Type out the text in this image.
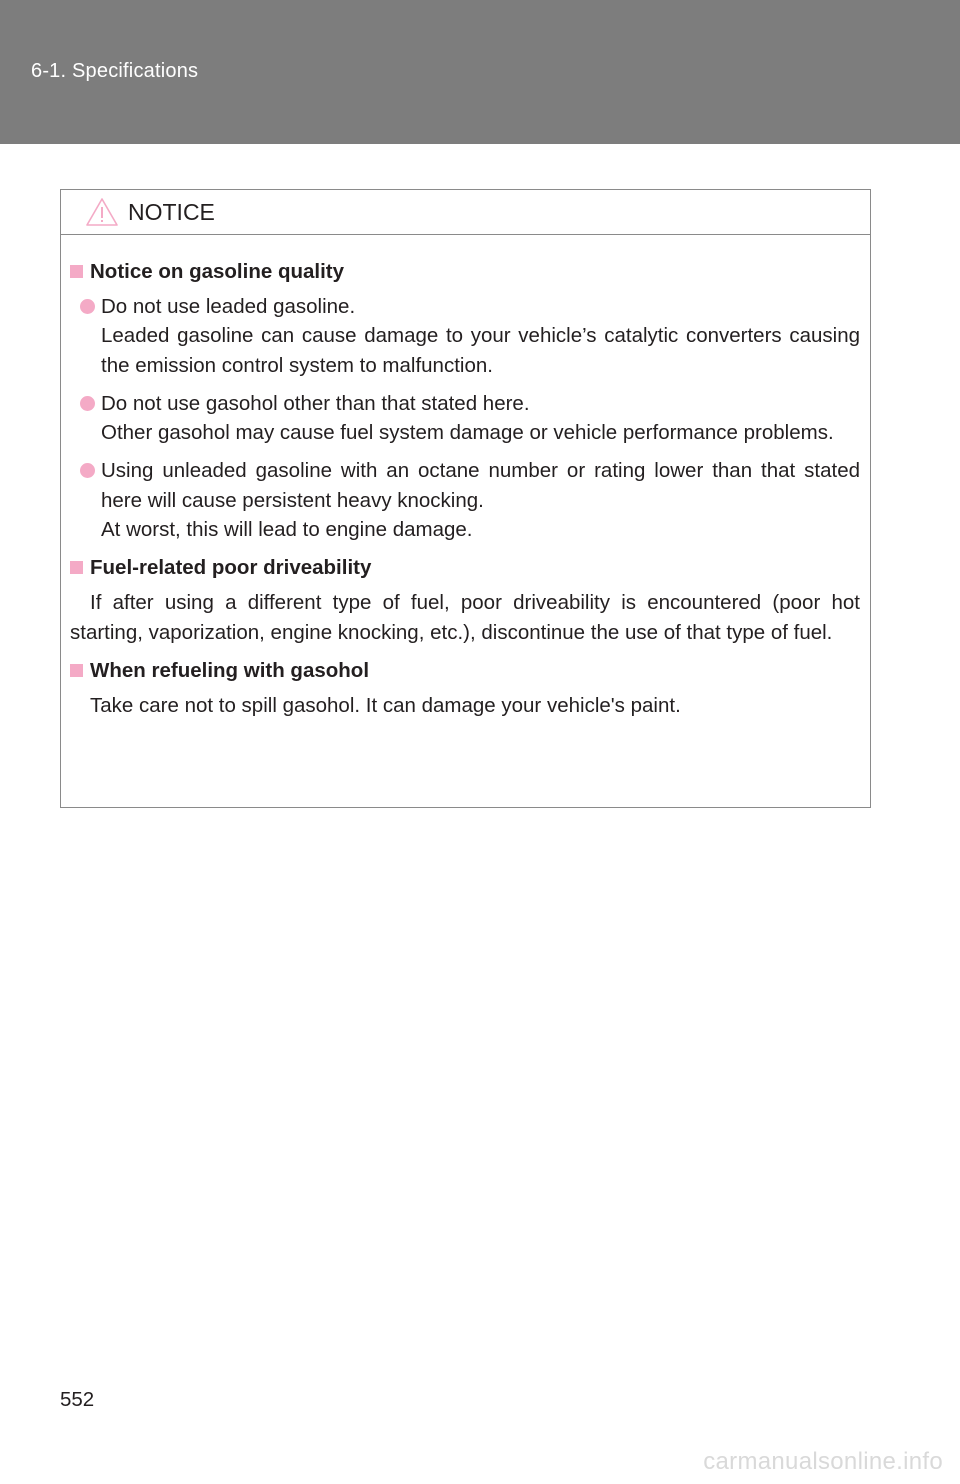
6-1. Specifications
NOTICE
Notice on gasoline quality
Do not use leaded gasoline.
Leaded gasoline can cause damage to your vehicle’s catalytic converters causing the emission control system to malfunction.
Do not use gasohol other than that stated here.
Other gasohol may cause fuel system damage or vehicle performance problems.
Using unleaded gasoline with an octane number or rating lower than that stated here will cause persistent heavy knocking.
At worst, this will lead to engine damage.
Fuel-related poor driveability

If after using a different type of fuel, poor driveability is encountered (poor hot starting, vaporization, engine knocking, etc.), discontinue the use of that type of fuel.

When refueling with gasohol

Take care not to spill gasohol. It can damage your vehicle's paint.

552
carmanualsonline.info
